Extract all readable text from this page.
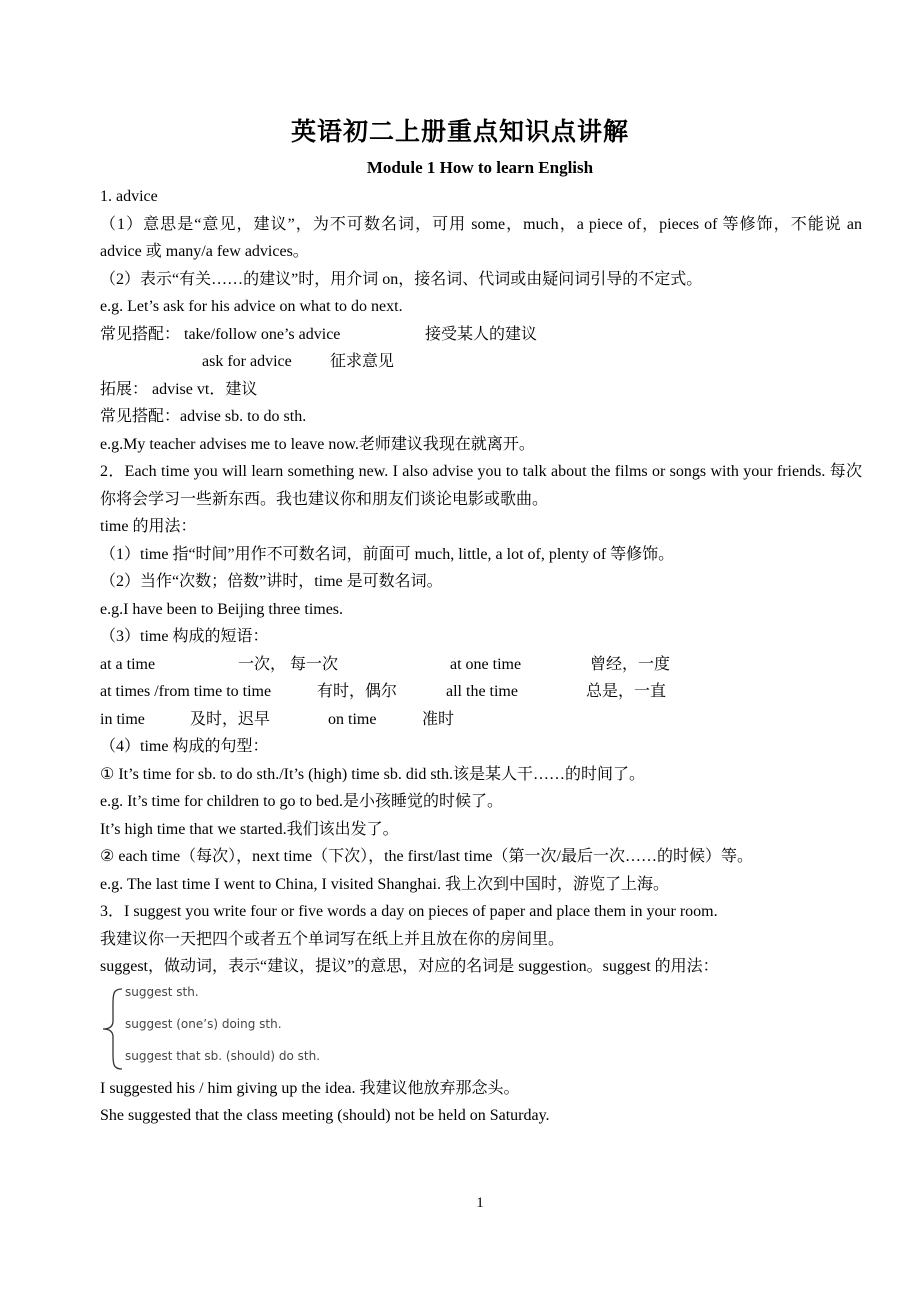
英语初二上册重点知识点讲解
Module 1 How to learn English
1. advice
（1）意思是“意见，建议”，为不可数名词，可用 some，much，a piece of，pieces of 等修饰，不能说 an advice 或 many/a few advices。
（2）表示“有关……的建议”时，用介词 on，接名词、代词或由疑问词引导的不定式。
e.g. Let’s ask for his advice on what to do next.
常见搭配： take/follow one’s advice	接受某人的建议
ask for advice 征求意见
拓展： advise vt．建议
常见搭配：advise sb. to do sth.
e.g.My teacher advises me to leave now.老师建议我现在就离开。
2．Each time you will learn something new. I also advise you to talk about the films or songs with your friends. 每次你将会学习一些新东西。我也建议你和朋友们谈论电影或歌曲。
time 的用法：
（1）time 指“时间”用作不可数名词，前面可 much, little, a lot of, plenty of 等修饰。
（2）当作“次数；倍数”讲时，time 是可数名词。
e.g.I have been to Beijing three times.
（3）time 构成的短语：
at a time	一次， 每一次	at one time	曾经，一度
at times /from time to time	有时，偶尔	all the time	总是，一直
in time	及时，迟早	on time	准时
（4）time 构成的句型：
① It’s time for sb. to do sth./It’s (high) time sb. did sth.该是某人干……的时间了。
e.g. It’s time for children to go to bed.是小孩睡觉的时候了。
It’s high time that we started.我们该出发了。
② each time（每次），next time（下次），the first/last time（第一次/最后一次……的时候）等。
e.g. The last time I went to China, I visited Shanghai. 我上次到中国时，游览了上海。
3．I suggest you write four or five words a day on pieces of paper and place them in your room.
我建议你一天把四个或者五个单词写在纸上并且放在你的房间里。
suggest，做动词，表示“建议，提议”的意思，对应的名词是 suggestion。suggest 的用法：
suggest sth.
suggest (one’s) doing sth.
suggest that sb. (should) do sth.
I suggested his / him giving up the idea. 我建议他放弃那念头。
She suggested that the class meeting (should) not be held on Saturday.
1
